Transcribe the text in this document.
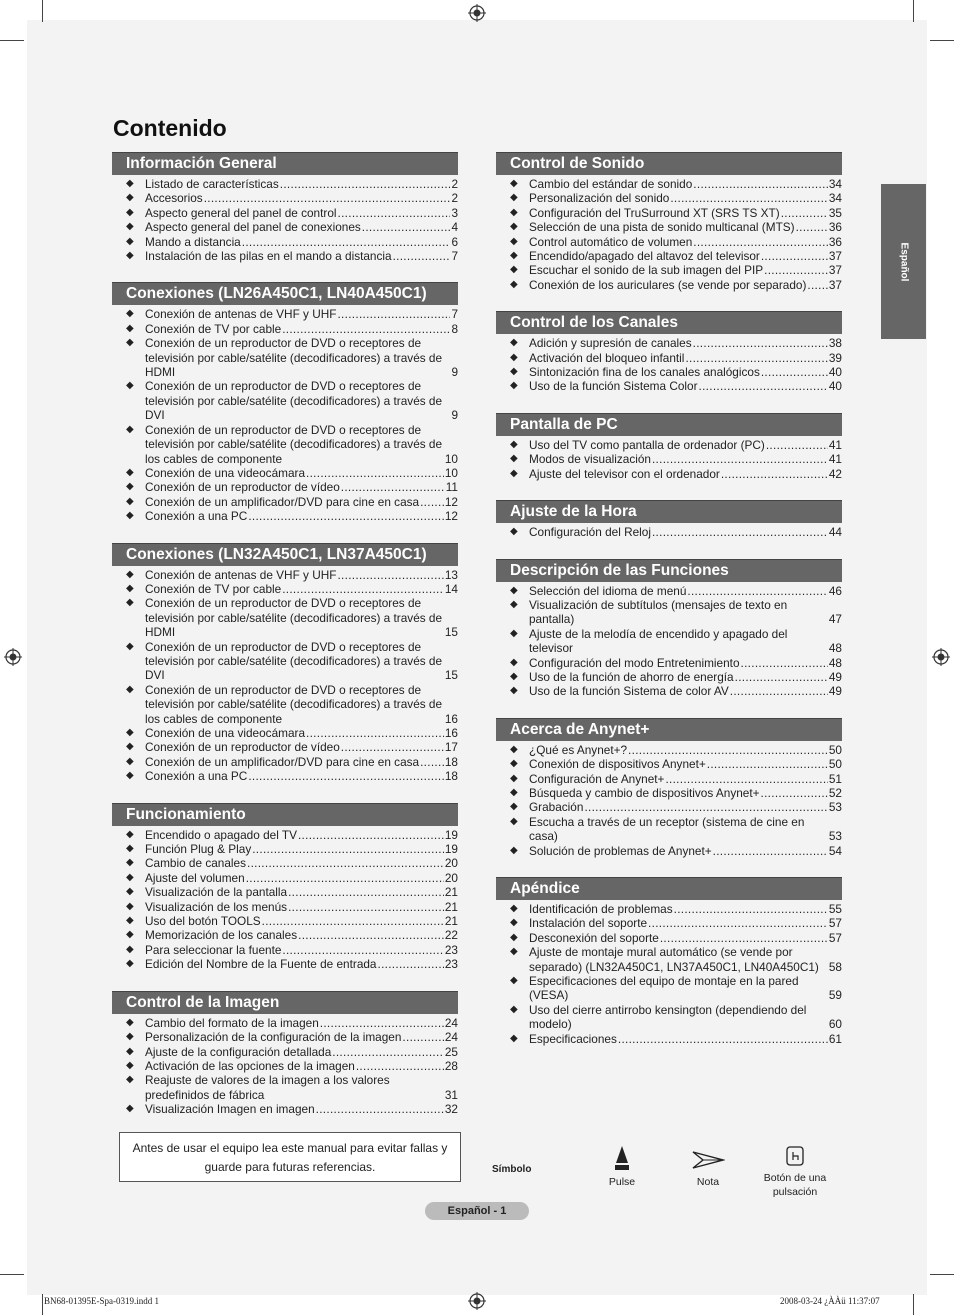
Contenido
Español
Información General
◆ Listado de características .....	2
◆ Accesorios .....	2
◆ Aspecto general del panel de control .....	3
◆ Aspecto general del panel de conexiones .....	4
◆ Mando a distancia .....	6
◆ Instalación de las pilas en el mando a distancia .....	7
Conexiones (LN26A450C1, LN40A450C1)
◆ Conexión de antenas de VHF y UHF .....	7
◆ Conexión de TV por cable .....	8
◆ Conexión de un reproductor de DVD o receptores de televisión por cable/satélite (decodificadores) a través de HDMI	9
◆ Conexión de un reproductor de DVD o receptores de televisión por cable/satélite (decodificadores) a través de DVI	9
◆ Conexión de un reproductor de DVD o receptores de televisión por cable/satélite (decodificadores) a través de los cables de componente	10
◆ Conexión de una videocámara .....	10
◆ Conexión de un reproductor de vídeo .....	11
◆ Conexión de un amplificador/DVD para cine en casa ..... 12
◆ Conexión a una PC .....	12
Conexiones (LN32A450C1, LN37A450C1)
◆ Conexión de antenas de VHF y UHF .....	13
◆ Conexión de TV por cable .....	14
◆ Conexión de un reproductor de DVD o receptores de televisión por cable/satélite (decodificadores) a través de HDMI	15
◆ Conexión de un reproductor de DVD o receptores de televisión por cable/satélite (decodificadores) a través de DVI	15
◆ Conexión de un reproductor de DVD o receptores de televisión por cable/satélite (decodificadores) a través de los cables de componente	16
◆ Conexión de una videocámara .....	16
◆ Conexión de un reproductor de vídeo .....	17
◆ Conexión de un amplificador/DVD para cine en casa ..... 18
◆ Conexión a una PC .....	18
Funcionamiento
◆ Encendido o apagado del TV .....	19
◆ Función Plug & Play .....	19
◆ Cambio de canales .....	20
◆ Ajuste del volumen .....	20
◆ Visualización de la pantalla .....	21
◆ Visualización de los menús .....	21
◆ Uso del botón TOOLS .....	21
◆ Memorización de los canales .....	22
◆ Para seleccionar la fuente .....	23
◆ Edición del Nombre de la Fuente de entrada .....	23
Control de la Imagen
◆ Cambio del formato de la imagen .....	24
◆ Personalización de la configuración de la imagen .....	24
◆ Ajuste de la configuración detallada .....	25
◆ Activación de las opciones de la imagen .....	28
◆ Reajuste de valores de la imagen a los valores predefinidos de fábrica	31
◆ Visualización Imagen en imagen .....	32
Control de Sonido
◆ Cambio del estándar de sonido .....	34
◆ Personalización del sonido .....	34
◆ Configuración del TruSurround XT (SRS TS XT) .....	35
◆ Selección de una pista de sonido multicanal (MTS) .....	36
◆ Control automático de volumen .....	36
◆ Encendido/apagado del altavoz del televisor .....	37
◆ Escuchar el sonido de la sub imagen del PIP .....	37
◆ Conexión de los auriculares (se vende por separado) ..... 37
Control de los Canales
◆ Adición y supresión de canales .....	38
◆ Activación del bloqueo infantil .....	39
◆ Sintonización fina de los canales analógicos .....	40
◆ Uso de la función Sistema Color .....	40
Pantalla de PC
◆ Uso del TV como pantalla de ordenador (PC) .....	41
◆ Modos de visualización .....	41
◆ Ajuste del televisor con el ordenador .....	42
Ajuste de la Hora
◆ Configuración del Reloj .....	44
Descripción de las Funciones
◆ Selección del idioma de menú .....	46
◆ Visualización de subtítulos (mensajes de texto en pantalla)	47
◆ Ajuste de la melodía de encendido y apagado del televisor	48
◆ Configuración del modo Entretenimiento .....	48
◆ Uso de la función de ahorro de energía .....	49
◆ Uso de la función Sistema de color AV .....	49
Acerca de Anynet+
◆ ¿Qué es Anynet+? .....	50
◆ Conexión de dispositivos Anynet+ .....	50
◆ Configuración de Anynet+ .....	51
◆ Búsqueda y cambio de dispositivos Anynet+ .....	52
◆ Grabación .....	53
◆ Escucha a través de un receptor (sistema de cine en casa)	53
◆ Solución de problemas de Anynet+ .....	54
Apéndice
◆ Identificación de problemas .....	55
◆ Instalación del soporte .....	57
◆ Desconexión del soporte .....	57
◆ Ajuste de montaje mural automático (se vende por separado) (LN32A450C1, LN37A450C1, LN40A450C1) 58
◆ Especificaciones del equipo de montaje en la pared (VESA)	59
◆ Uso del cierre antirrobo kensington (dependiendo del modelo)	60
◆ Especificaciones .....	61
Antes de usar el equipo lea este manual para evitar fallas y guarde para futuras referencias.	Símbolo
Pulse	Nota	Botón de una pulsación
Español - 1
BN68-01395E-Spa-0319.indd 1	2008-03-24 ¿ÀÀü 11:37:07
